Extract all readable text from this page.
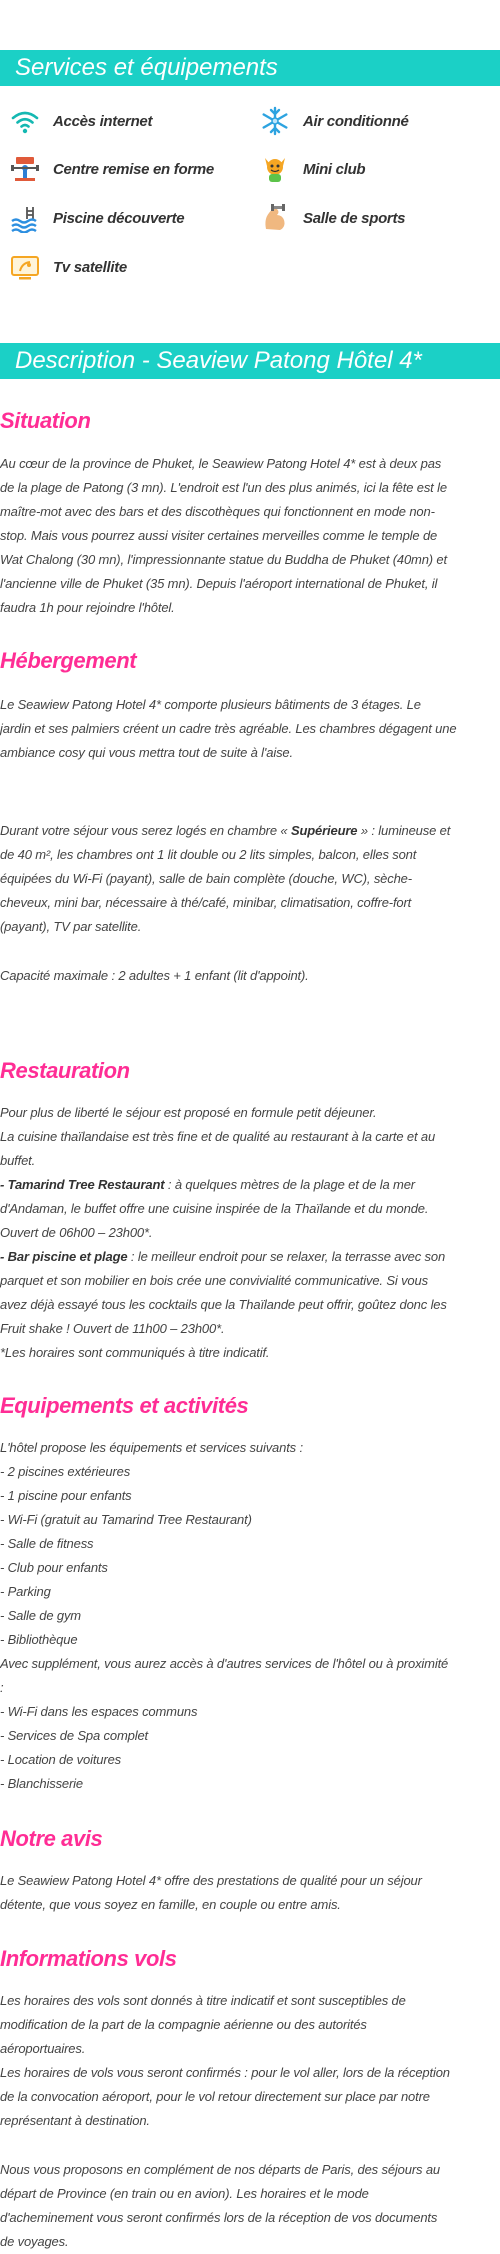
Services et équipements
Accès internet	Air conditionné
Centre remise en forme	Mini club
Piscine découverte	Salle de sports
Tv satellite
Description - Seaview Patong Hôtel 4*
Situation
Au cœur de la province de Phuket, le Seawiew Patong Hotel 4* est à deux pas
de la plage de Patong (3 mn). L'endroit est l'un des plus animés, ici la fête est le
maître-mot avec des bars et des discothèques qui fonctionnent en mode non-
stop. Mais vous pourrez aussi visiter certaines merveilles comme le temple de
Wat Chalong (30 mn), l'impressionnante statue du Buddha de Phuket (40mn) et
l'ancienne ville de Phuket (35 mn). Depuis l'aéroport international de Phuket, il
faudra 1h pour rejoindre l'hôtel.
Hébergement
Le Seawiew Patong Hotel 4* comporte plusieurs bâtiments de 3 étages. Le
jardin et ses palmiers créent un cadre très agréable. Les chambres dégagent une
ambiance cosy qui vous mettra tout de suite à l'aise.
Durant votre séjour vous serez logés en chambre « Supérieure » : lumineuse et
de 40 m², les chambres ont 1 lit double ou 2 lits simples, balcon, elles sont
équipées du Wi-Fi (payant), salle de bain complète (douche, WC), sèche-
cheveux, mini bar, nécessaire à thé/café, minibar, climatisation, coffre-fort
(payant), TV par satellite.
Capacité maximale : 2 adultes + 1 enfant (lit d'appoint).
Restauration
Pour plus de liberté le séjour est proposé en formule petit déjeuner.
La cuisine thaïlandaise est très fine et de qualité au restaurant à la carte et au
buffet.
- Tamarind Tree Restaurant : à quelques mètres de la plage et de la mer
d'Andaman, le buffet offre une cuisine inspirée de la Thaïlande et du monde.
Ouvert de 06h00 – 23h00*.
- Bar piscine et plage : le meilleur endroit pour se relaxer, la terrasse avec son
parquet et son mobilier en bois crée une convivialité communicative. Si vous
avez déjà essayé tous les cocktails que la Thaïlande peut offrir, goûtez donc les
Fruit shake ! Ouvert de 11h00 – 23h00*.
*Les horaires sont communiqués à titre indicatif.
Equipements et activités
L'hôtel propose les équipements et services suivants :
- 2 piscines extérieures
- 1 piscine pour enfants
- Wi-Fi (gratuit au Tamarind Tree Restaurant)
- Salle de fitness
- Club pour enfants
- Parking
- Salle de gym
- Bibliothèque
Avec supplément, vous aurez accès à d'autres services de l'hôtel ou à proximité
:
- Wi-Fi dans les espaces communs
- Services de Spa complet
- Location de voitures
- Blanchisserie
Notre avis
Le Seawiew Patong Hotel 4* offre des prestations de qualité pour un séjour
détente, que vous soyez en famille, en couple ou entre amis.
Informations vols
Les horaires des vols sont donnés à titre indicatif et sont susceptibles de
modification de la part de la compagnie aérienne ou des autorités
aéroportuaires.
Les horaires de vols vous seront confirmés : pour le vol aller, lors de la réception
de la convocation aéroport, pour le vol retour directement sur place par notre
représentant à destination.
Nous vous proposons en complément de nos départs de Paris, des séjours au
départ de Province (en train ou en avion). Les horaires et le mode
d'acheminement vous seront confirmés lors de la réception de vos documents
de voyages.
